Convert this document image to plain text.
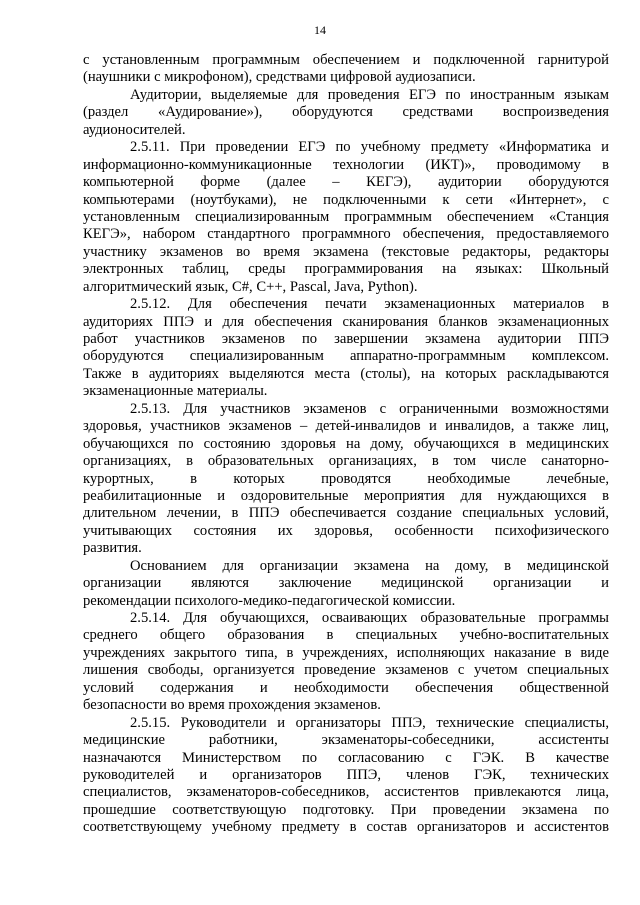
14
с установленным программным обеспечением и подключенной гарнитурой
(наушники с микрофоном), средствами цифровой аудиозаписи.
Аудитории, выделяемые для проведения ЕГЭ по иностранным языкам
(раздел «Аудирование»), оборудуются средствами воспроизведения
аудионосителей.
2.5.11. При проведении ЕГЭ по учебному предмету «Информатика и
информационно-коммуникационные технологии (ИКТ)», проводимому в
компьютерной форме (далее – КЕГЭ), аудитории оборудуются
компьютерами (ноутбуками), не подключенными к сети «Интернет», с
установленным специализированным программным обеспечением «Станция
КЕГЭ», набором стандартного программного обеспечения, предоставляемого
участнику экзаменов во время экзамена (текстовые редакторы, редакторы
электронных таблиц, среды программирования на языках: Школьный
алгоритмический язык, C#, C++, Pascal, Java, Python).
2.5.12. Для обеспечения печати экзаменационных материалов в
аудиториях ППЭ и для обеспечения сканирования бланков экзаменационных
работ участников экзаменов по завершении экзамена аудитории ППЭ
оборудуются специализированным аппаратно-программным комплексом.
Также в аудиториях выделяются места (столы), на которых раскладываются
экзаменационные материалы.
2.5.13. Для участников экзаменов с ограниченными возможностями
здоровья, участников экзаменов – детей-инвалидов и инвалидов, а также лиц,
обучающихся по состоянию здоровья на дому, обучающихся в медицинских
организациях, в образовательных организациях, в том числе санаторно-
курортных, в которых проводятся необходимые лечебные,
реабилитационные и оздоровительные мероприятия для нуждающихся в
длительном лечении, в ППЭ обеспечивается создание специальных условий,
учитывающих состояния их здоровья, особенности психофизического
развития.
Основанием для организации экзамена на дому, в медицинской
организации являются заключение медицинской организации и
рекомендации психолого-медико-педагогической комиссии.
2.5.14. Для обучающихся, осваивающих образовательные программы
среднего общего образования в специальных учебно-воспитательных
учреждениях закрытого типа, в учреждениях, исполняющих наказание в виде
лишения свободы, организуется проведение экзаменов с учетом специальных
условий содержания и необходимости обеспечения общественной
безопасности во время прохождения экзаменов.
2.5.15. Руководители и организаторы ППЭ, технические специалисты,
медицинские работники, экзаменаторы-собеседники, ассистенты
назначаются Министерством по согласованию с ГЭК. В качестве
руководителей и организаторов ППЭ, членов ГЭК, технических
специалистов, экзаменаторов-собеседников, ассистентов привлекаются лица,
прошедшие соответствующую подготовку. При проведении экзамена по
соответствующему учебному предмету в состав организаторов и ассистентов
